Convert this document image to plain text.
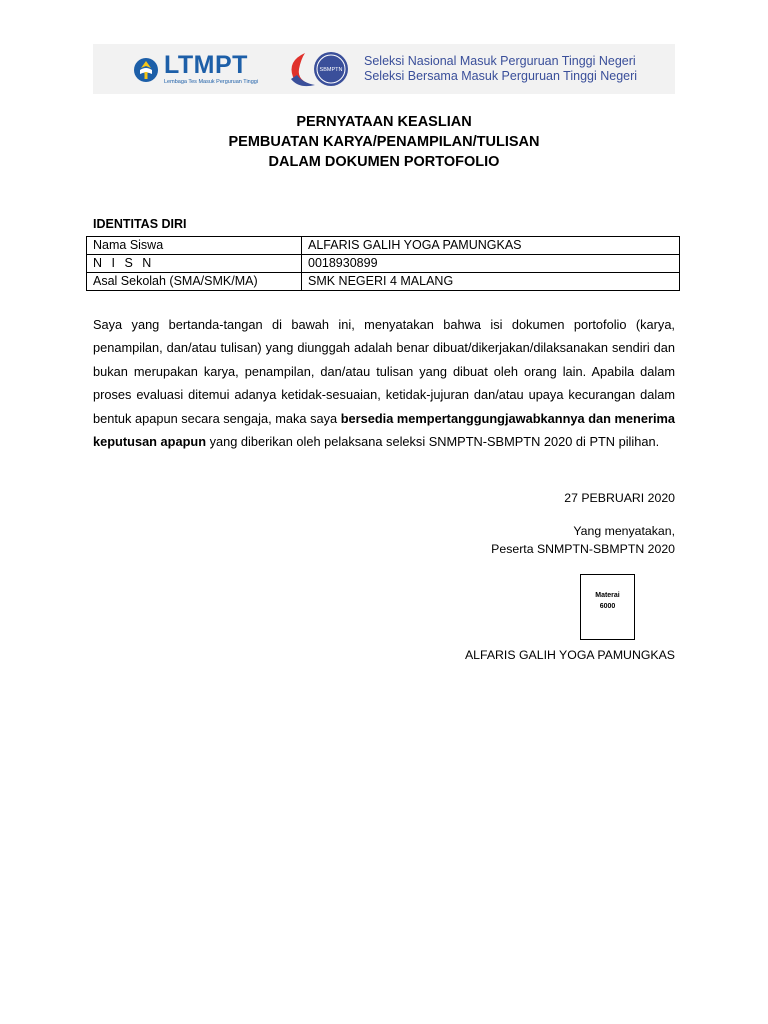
LTMPT
Lembaga Tes Masuk Perguruan Tinggi
SBMPTN
Seleksi Nasional Masuk Perguruan Tinggi Negeri
Seleksi Bersama Masuk Perguruan Tinggi Negeri
PERNYATAAN KEASLIAN
PEMBUATAN KARYA/PENAMPILAN/TULISAN
DALAM DOKUMEN PORTOFOLIO
IDENTITAS DIRI
Nama Siswa	ALFARIS GALIH YOGA PAMUNGKAS
N I S N	0018930899
Asal Sekolah (SMA/SMK/MA)	SMK NEGERI 4 MALANG

Saya yang bertanda-tangan di bawah ini, menyatakan bahwa isi dokumen portofolio (karya, penampilan, dan/atau tulisan) yang diunggah adalah benar dibuat/dikerjakan/dilaksanakan sendiri dan bukan merupakan karya, penampilan, dan/atau tulisan yang dibuat oleh orang lain. Apabila dalam proses evaluasi ditemui adanya ketidak-sesuaian, ketidak-jujuran dan/atau upaya kecurangan dalam bentuk apapun secara sengaja, maka saya bersedia mempertanggungjawabkannya dan menerima keputusan apapun yang diberikan oleh pelaksana seleksi SNMPTN-SBMPTN 2020 di PTN pilihan.

27 PEBRUARI 2020
Yang menyatakan,
Peserta SNMPTN-SBMPTN 2020
Materai
6000
ALFARIS GALIH YOGA PAMUNGKAS
